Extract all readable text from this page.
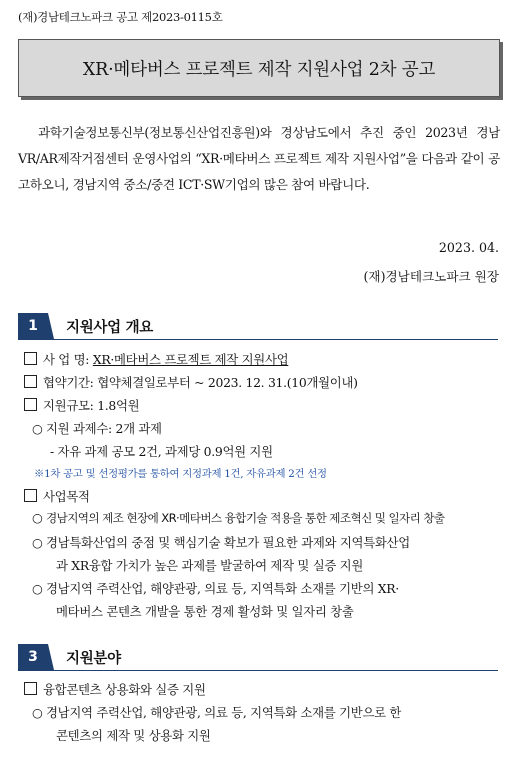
(재)경남테크노파크 공고 제2023-0115호
XR·메타버스 프로젝트 제작 지원사업 2차 공고
과학기술정보통신부(정보통신산업진흥원)와 경상남도에서 추진 중인 2023년 경남VR/AR제작거점센터 운영사업의 “XR·메타버스 프로젝트 제작 지원사업”을 다음과 같이 공고하오니, 경남지역 중소/중견 ICT·SW기업의 많은 참여 바랍니다.
2023. 04.
(재)경남테크노파크 원장
1	지원사업 개요
사 업 명: XR·메타버스 프로젝트 제작 지원사업
협약기간: 협약체결일로부터 ~ 2023. 12. 31.(10개월이내)
지원규모: 1.8억원
○ 지원 과제수: 2개 과제
- 자유 과제 공모 2건, 과제당 0.9억원 지원
※1차 공고 및 선정평가를 통하여 지정과제 1건, 자유과제 2건 선정
사업목적
○ 경남지역의 제조 현장에 XR·메타버스 융합기술 적용을 통한 제조혁신 및 일자리 창출
○ 경남특화산업의 중점 및 핵심기술 확보가 필요한 과제와 지역특화산업
과 XR융합 가치가 높은 과제를 발굴하여 제작 및 실증 지원
○ 경남지역 주력산업, 해양관광, 의료 등, 지역특화 소재를 기반의 XR·
메타버스 콘텐츠 개발을 통한 경제 활성화 및 일자리 창출
3	지원분야
융합콘텐츠 상용화와 실증 지원
○ 경남지역 주력산업, 해양관광, 의료 등, 지역특화 소재를 기반으로 한
콘텐츠의 제작 및 상용화 지원
